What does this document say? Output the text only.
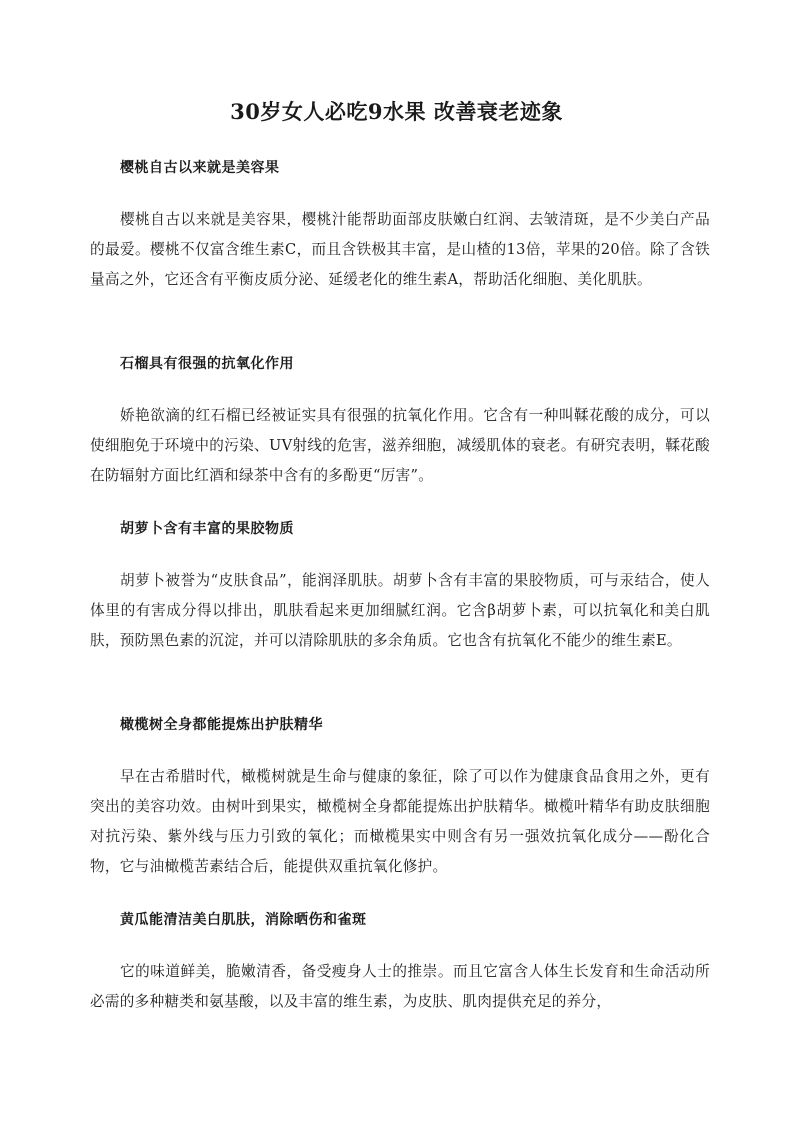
30岁女人必吃9水果 改善衰老迹象
樱桃自古以来就是美容果

樱桃自古以来就是美容果，樱桃汁能帮助面部皮肤嫩白红润、去皱清斑，是不少美白产品的最爱。樱桃不仅富含维生素C，而且含铁极其丰富，是山楂的13倍，苹果的20倍。除了含铁量高之外，它还含有平衡皮质分泌、延缓老化的维生素A，帮助活化细胞、美化肌肤。

石榴具有很强的抗氧化作用

娇艳欲滴的红石榴已经被证实具有很强的抗氧化作用。它含有一种叫鞣花酸的成分，可以使细胞免于环境中的污染、UV射线的危害，滋养细胞，减缓肌体的衰老。有研究表明，鞣花酸在防辐射方面比红酒和绿茶中含有的多酚更“厉害”。

胡萝卜含有丰富的果胶物质

胡萝卜被誉为“皮肤食品”，能润泽肌肤。胡萝卜含有丰富的果胶物质，可与汞结合，使人体里的有害成分得以排出，肌肤看起来更加细腻红润。它含β胡萝卜素，可以抗氧化和美白肌肤，预防黑色素的沉淀，并可以清除肌肤的多余角质。它也含有抗氧化不能少的维生素E。

橄榄树全身都能提炼出护肤精华

早在古希腊时代，橄榄树就是生命与健康的象征，除了可以作为健康食品食用之外，更有突出的美容功效。由树叶到果实，橄榄树全身都能提炼出护肤精华。橄榄叶精华有助皮肤细胞对抗污染、紫外线与压力引致的氧化；而橄榄果实中则含有另一强效抗氧化成分——酚化合物，它与油橄榄苦素结合后，能提供双重抗氧化修护。

黄瓜能清洁美白肌肤，消除晒伤和雀斑

它的味道鲜美，脆嫩清香，备受瘦身人士的推崇。而且它富含人体生长发育和生命活动所必需的多种糖类和氨基酸，以及丰富的维生素，为皮肤、肌肉提供充足的养分，
